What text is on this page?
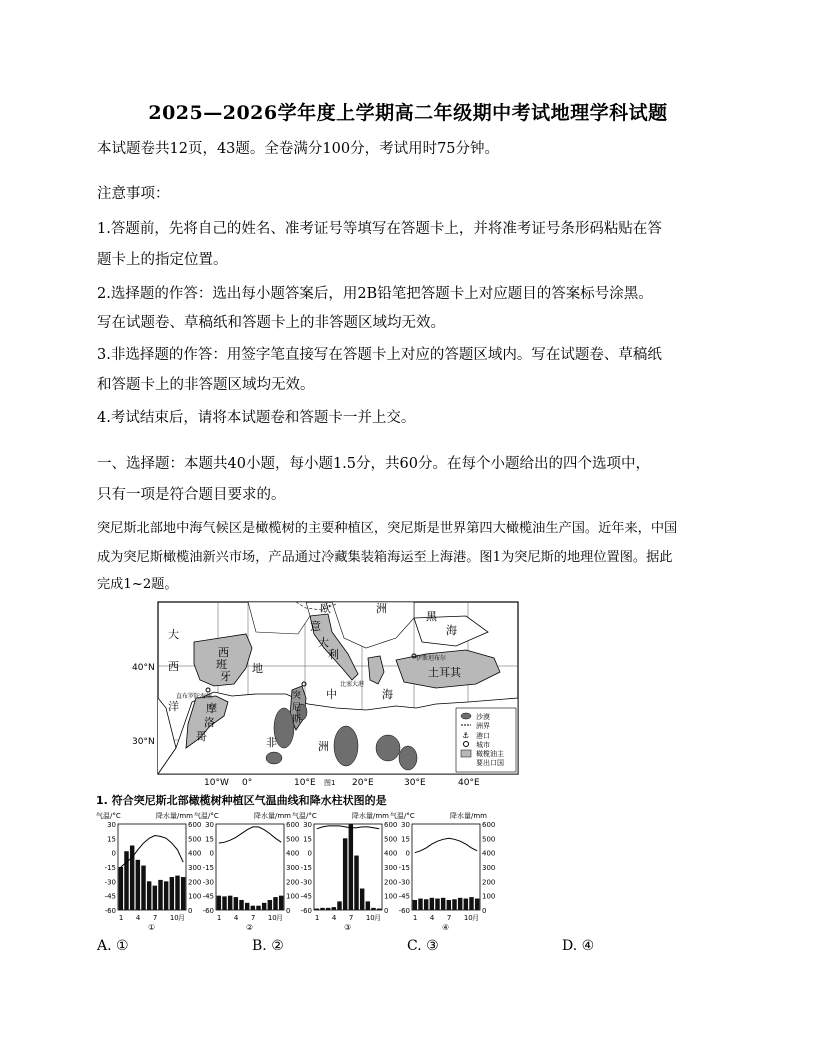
2025—2026学年度上学期高二年级期中考试地理学科试题
本试题卷共12页，43题。全卷满分100分，考试用时75分钟。
注意事项：
1.答题前，先将自己的姓名、准考证号等填写在答题卡上，并将准考证号条形码粘贴在答
题卡上的指定位置。
2.选择题的作答：选出每小题答案后，用2B铅笔把答题卡上对应题目的答案标号涂黑。
写在试题卷、草稿纸和答题卡上的非答题区域均无效。
3.非选择题的作答：用签字笔直接写在答题卡上对应的答题区域内。写在试题卷、草稿纸
和答题卡上的非答题区域均无效。
4.考试结束后，请将本试题卷和答题卡一并上交。
一、选择题：本题共40小题，每小题1.5分，共60分。在每个小题给出的四个选项中，
只有一项是符合题目要求的。
突尼斯北部地中海气候区是橄榄树的主要种植区，突尼斯是世界第四大橄榄油生产国。近年来，中国
成为突尼斯橄榄油新兴市场，产品通过冷藏集装箱海运至上海港。图1为突尼斯的地理位置图。据此
完成1~2题。
大
西
洋
西
班
牙
摩
洛
哥
欧	洲
大
利
意
地
中	海
突
尼
斯
非	洲
黑
海
土耳其
直布罗陀海峡
伊斯坦布尔
比塞大港
⚓
沙漠
洲界
港口
城市
橄榄油主
要出口国
40°N
30°N
10°W 0°	10°E	20°E	30°E	40°E
图1
1. 符合突尼斯北部橄榄树种植区气温曲线和降水柱状图的是
气温/°C	降水量/mm
30	600
15	500
0	400
-15	300
-30	200
-45	100
-60	0
1 4 7 10 月
①
气温/°C	降水量/mm
30	600
15	500
0	400
-15	300
-30	200
-45	100
-60	0
1 4 7 10 月
②
气温/°C	降水量/mm
30	600
15	500
0	400
-15	300
-30	200
-45	100
-60	0
1 4 7 10 月
③
气温/°C	降水量/mm
30	600
15	500
0	400
-15	300
-30	200
-45	100
-60	0
1 4 7 10 月
④
A. ①	B. ②	C. ③	D. ④
